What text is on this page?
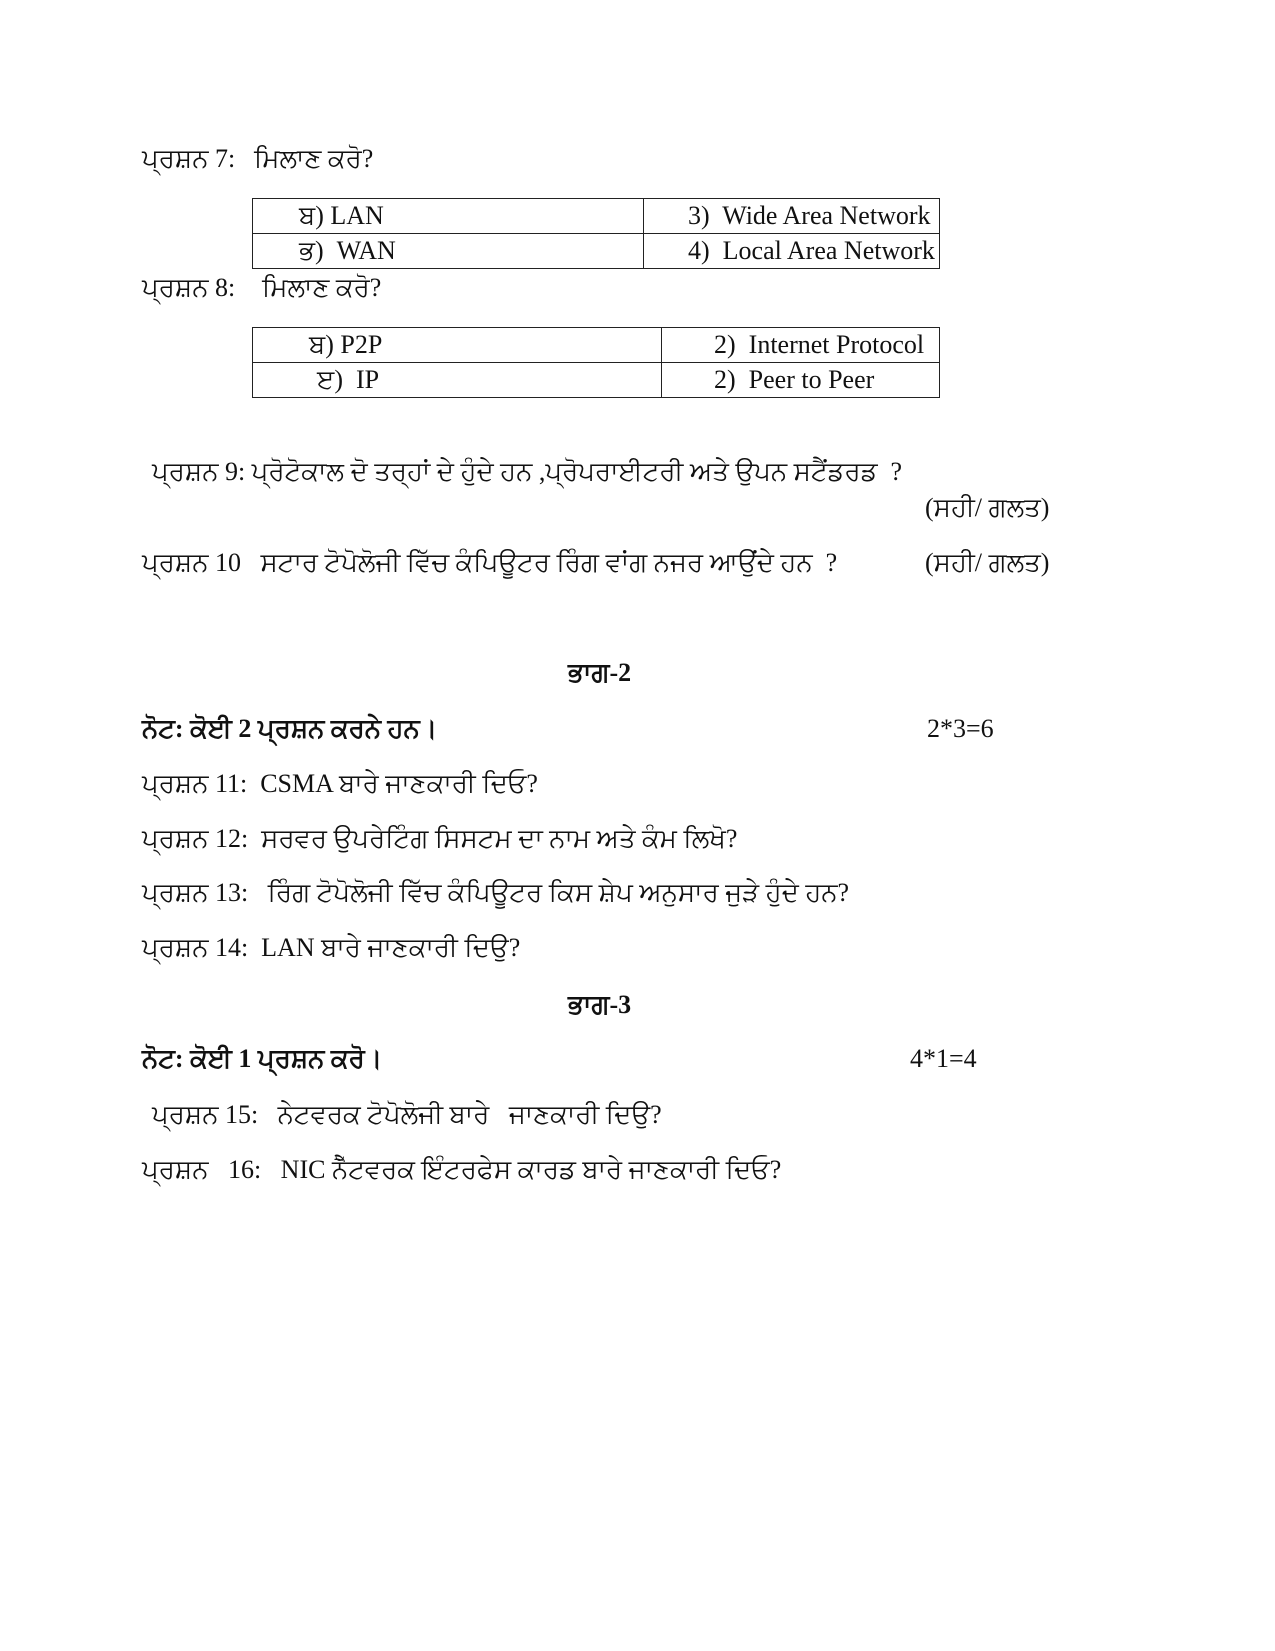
ਪ੍ਰਸ਼ਨ 7: ਮਿਲਾਣ ਕਰੋ?
ਬ) LAN	3)  Wide Area Network
ਭ)  WAN	4)  Local Area Network
ਪ੍ਰਸ਼ਨ 8: ਮਿਲਾਣ ਕਰੋ?
ਬ) P2P	2)  Internet Protocol
ੲ)  IP	2)  Peer to Peer
ਪ੍ਰਸ਼ਨ 9: ਪ੍ਰੋਟੋਕਾਲ ਦੋ ਤਰ੍ਹਾਂ ਦੇ ਹੁੰਦੇ ਹਨ ,ਪ੍ਰੋਪਰਾਈਟਰੀ ਅਤੇ ਉਪਨ ਸਟੈਂਡਰਡ  ?
(ਸਹੀ/ ਗਲਤ)
ਪ੍ਰਸ਼ਨ 10   ਸਟਾਰ ਟੋਪੋਲੋਜੀ ਵਿੱਚ ਕੰਪਿਊਟਰ ਰਿੰਗ ਵਾਂਗ ਨਜਰ ਆਉਂਦੇ ਹਨ  ?	(ਸਹੀ/ ਗਲਤ)
ਭਾਗ-2
ਨੋਟ: ਕੋਈ 2 ਪ੍ਰਸ਼ਨ ਕਰਨੇ ਹਨ।	2*3=6
ਪ੍ਰਸ਼ਨ 11:  CSMA ਬਾਰੇ ਜਾਣਕਾਰੀ ਦਿਓ?
ਪ੍ਰਸ਼ਨ 12:  ਸਰਵਰ ਉਪਰੇਟਿੰਗ ਸਿਸਟਮ ਦਾ ਨਾਮ ਅਤੇ ਕੰਮ ਲਿਖੋ?
ਪ੍ਰਸ਼ਨ 13:   ਰਿੰਗ ਟੋਪੋਲੋਜੀ ਵਿੱਚ ਕੰਪਿਊਟਰ ਕਿਸ ਸ਼ੇਪ ਅਨੁਸਾਰ ਜੁੜੇ ਹੁੰਦੇ ਹਨ?
ਪ੍ਰਸ਼ਨ 14:  LAN ਬਾਰੇ ਜਾਣਕਾਰੀ ਦਿਉ?
ਭਾਗ-3
ਨੋਟ: ਕੋਈ 1 ਪ੍ਰਸ਼ਨ ਕਰੋ।	4*1=4
ਪ੍ਰਸ਼ਨ 15:   ਨੇਟਵਰਕ ਟੋਪੋਲੋਜੀ ਬਾਰੇ   ਜਾਣਕਾਰੀ ਦਿਉ?
ਪ੍ਰਸ਼ਨ   16:   NIC ਨੈੱਟਵਰਕ ਇੰਟਰਫੇਸ ਕਾਰਡ ਬਾਰੇ ਜਾਣਕਾਰੀ ਦਿਓ?
